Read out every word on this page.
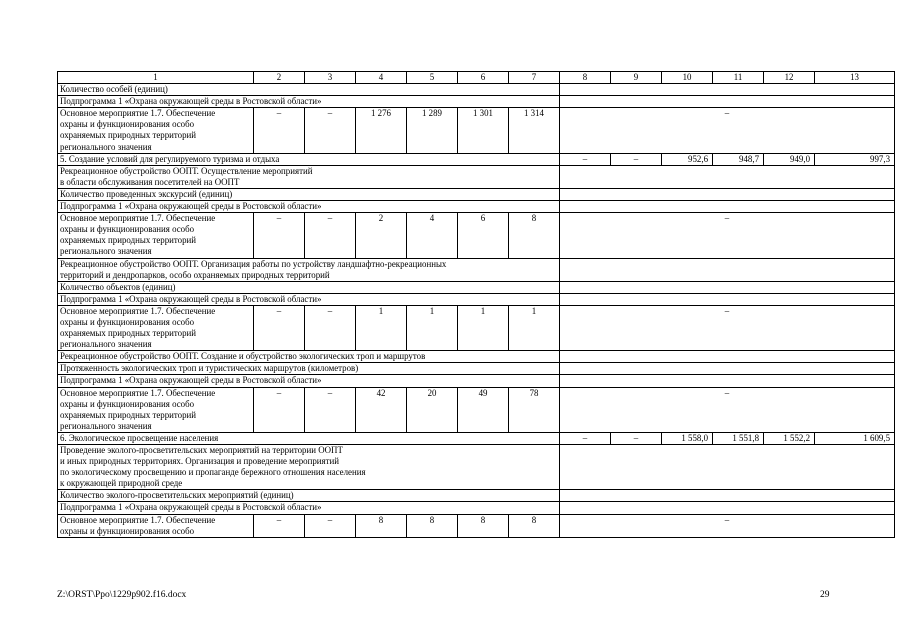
1	2	3	4	5	6	7	8	9	10	11	12	13
Количество особей (единиц)												
Подпрограмма 1 «Охрана окружающей среды в Ростовской области»												
Основное мероприятие 1.7. Обеспечение
охраны и функционирования особо
охраняемых природных территорий
регионального значения	–	–	1 276	1 289	1 301	1 314	–					
5. Создание условий для регулируемого туризма и отдыха							–	–	952,6	948,7	949,0	997,3
Рекреационное обустройство ООПТ. Осуществление мероприятий
в области обслуживания посетителей на ООПТ												
Количество проведенных экскурсий (единиц)												
Подпрограмма 1 «Охрана окружающей среды в Ростовской области»												
Основное мероприятие 1.7. Обеспечение
охраны и функционирования особо
охраняемых природных территорий
регионального значения	–	–	2	4	6	8	–					
Рекреационное обустройство ООПТ. Организация работы по устройству ландшафтно-рекреационных
территорий и дендропарков, особо охраняемых природных территорий												
Количество объектов (единиц)												
Подпрограмма 1 «Охрана окружающей среды в Ростовской области»												
Основное мероприятие 1.7. Обеспечение
охраны и функционирования особо
охраняемых природных территорий
регионального значения	–	–	1	1	1	1	–					
Рекреационное обустройство ООПТ. Создание и обустройство экологических троп и маршрутов												
Протяженность экологических троп и туристических маршрутов (километров)												
Подпрограмма 1 «Охрана окружающей среды в Ростовской области»												
Основное мероприятие 1.7. Обеспечение
охраны и функционирования особо
охраняемых природных территорий
регионального значения	–	–	42	20	49	78	–					
6. Экологическое просвещение населения							–	–	1 558,0	1 551,8	1 552,2	1 609,5
Проведение эколого-просветительских мероприятий на территории ООПТ
и иных природных территориях. Организация и проведение мероприятий
по экологическому просвещению и пропаганде бережного отношения населения
к окружающей природной среде												
Количество эколого-просветительских мероприятий (единиц)												
Подпрограмма 1 «Охрана окружающей среды в Ростовской области»												
Основное мероприятие 1.7. Обеспечение
охраны и функционирования особо	–	–	8	8	8	8	–					
Z:\ORST\Ppo\1229p902.f16.docx	29
